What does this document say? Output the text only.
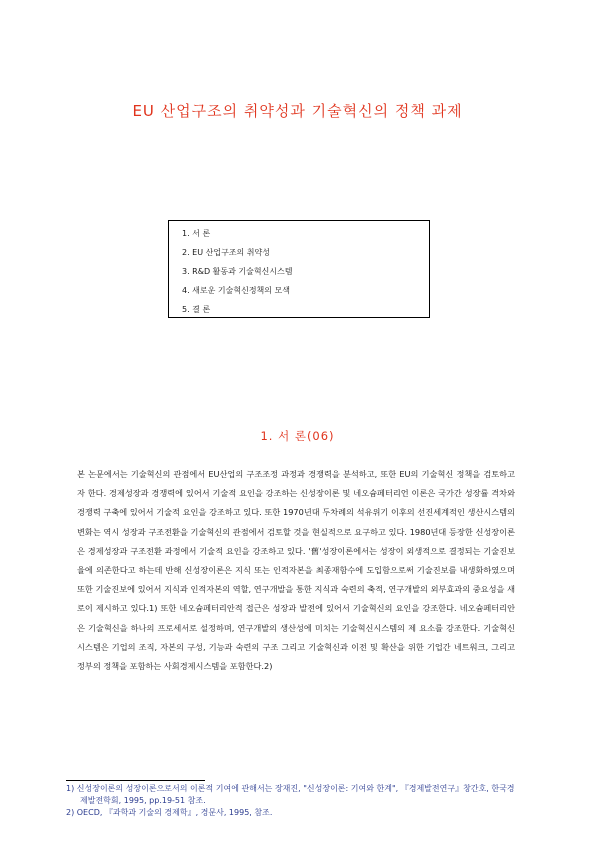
EU 산업구조의 취약성과 기술혁신의 정책 과제
1. 서 론
2. EU 산업구조의 취약성
3. R&D 활동과 기술혁신시스템
4. 새로운 기술혁신정책의 모색
5. 결 론
1. 서 론(06)

본 논문에서는 기술혁신의 관점에서 EU산업의 구조조정 과정과 경쟁력을 분석하고, 또한 EU의 기술혁신 정책을 검토하고자 한다. 경제성장과 경쟁력에 있어서 기술적 요인을 강조하는 신성장이론 및 네오슘페터리언 이론은 국가간 성장률 격차와 경쟁력 구축에 있어서 기술적 요인을 강조하고 있다. 또한 1970년대 두차례의 석유위기 이후의 선진세계적인 생산시스템의 변화는 역시 성장과 구조전환을 기술혁신의 관점에서 검토할 것을 현실적으로 요구하고 있다. 1980년대 등장한 신성장이론은 경제성장과 구조전환 과정에서 기술적 요인을 강조하고 있다. '舊'성장이론에서는 성장이 외생적으로 결정되는 기술진보율에 의존한다고 하는데 반해 신성장이론은 지식 또는 인적자본을 최종재함수에 도입함으로써 기술진보를 내생화하였으며 또한 기술진보에 있어서 지식과 인적자본의 역할, 연구개발을 통한 지식과 숙련의 축적, 연구개발의 외부효과의 중요성을 새로이 제시하고 있다.1) 또한 네오슘페터리안적 접근은 성장과 발전에 있어서 기술혁신의 요인을 강조한다. 네오슘페터리안은 기술혁신을 하나의 프로세서로 설정하며, 연구개발의 생산성에 미치는 기술혁신시스템의 제 요소를 강조한다. 기술혁신시스템은 기업의 조직, 자본의 구성, 기능과 숙련의 구조 그리고 기술혁신과 이전 및 확산을 위한 기업간 네트워크, 그리고 정부의 정책을 포함하는 사회경제시스템을 포함한다.2)

1) 신성장이론의 성장이론으로서의 이론적 기여에 관해서는 장재진, "신성장이론: 기여와 한계", 『경제발전연구』창간호, 한국경제발전학회, 1995, pp.19-51 참조.
2) OECD, 『과학과 기술의 경제학』, 경문사, 1995, 참조.
